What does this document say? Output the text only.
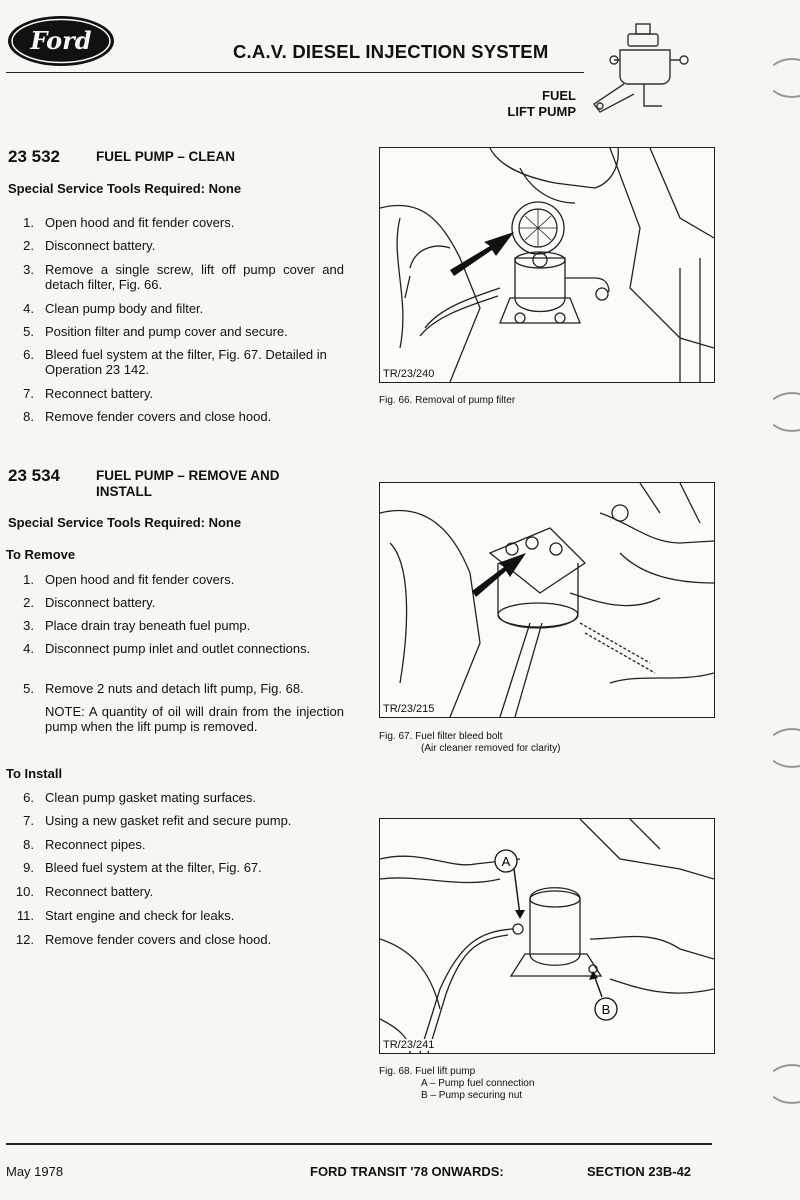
Ford	C.A.V. DIESEL INJECTION SYSTEM
FUEL
LIFT PUMP
23 532	FUEL PUMP – CLEAN
Special Service Tools Required: None
1. Open hood and fit fender covers.
2. Disconnect battery.
3. Remove a single screw, lift off pump cover and detach filter, Fig. 66.
4. Clean pump body and filter.
5. Position filter and pump cover and secure.
6. Bleed fuel system at the filter, Fig. 67. Detailed in Operation 23 142.
7. Reconnect battery.
8. Remove fender covers and close hood.
23 534	FUEL PUMP – REMOVE AND
INSTALL
Special Service Tools Required: None
To Remove
1. Open hood and fit fender covers.
2. Disconnect battery.
3. Place drain tray beneath fuel pump.
4. Disconnect pump inlet and outlet connections.
5. Remove 2 nuts and detach lift pump, Fig. 68.
NOTE: A quantity of oil will drain from the injection pump when the lift pump is removed.
To Install
6. Clean pump gasket mating surfaces.
7. Using a new gasket refit and secure pump.
8. Reconnect pipes.
9. Bleed fuel system at the filter, Fig. 67.
10. Reconnect battery.
11. Start engine and check for leaks.
12. Remove fender covers and close hood.
TR/23/240
Fig. 66. Removal of pump filter
TR/23/215
Fig. 67. Fuel filter bleed bolt
(Air cleaner removed for clarity)
A
B
TR/23/241
Fig. 68. Fuel lift pump
A – Pump fuel connection
B – Pump securing nut
May 1978	FORD TRANSIT '78 ONWARDS:	SECTION 23B-42
